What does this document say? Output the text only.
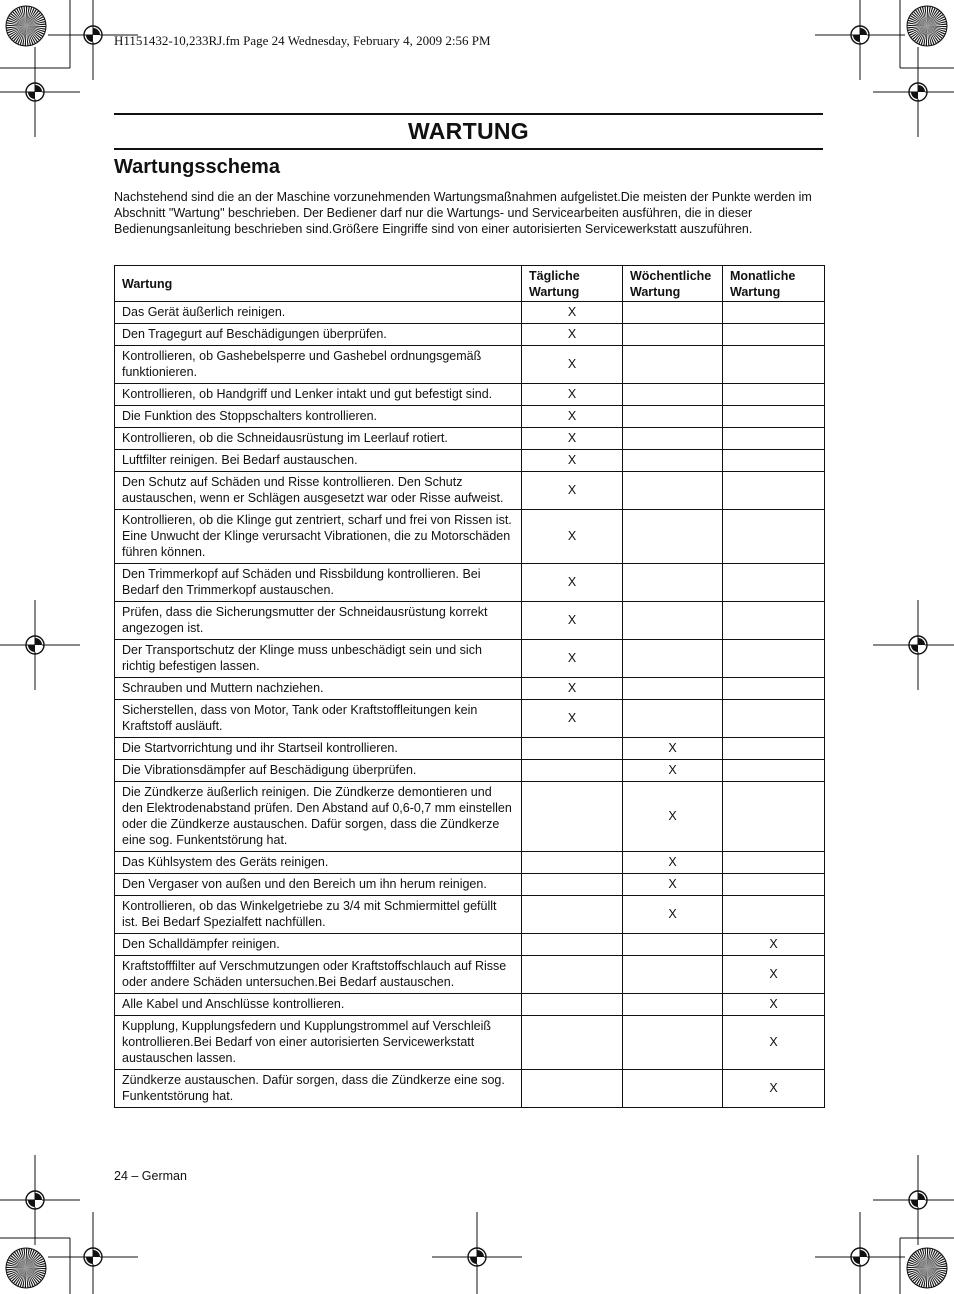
H1151432-10,233RJ.fm Page 24 Wednesday, February 4, 2009 2:56 PM
WARTUNG
Wartungsschema
Nachstehend sind die an der Maschine vorzunehmenden Wartungsmaßnahmen aufgelistet.Die meisten der Punkte werden im Abschnitt "Wartung" beschrieben. Der Bediener darf nur die Wartungs- und Servicearbeiten ausführen, die in dieser Bedienungsanleitung beschrieben sind.Größere Eingriffe sind von einer autorisierten Servicewerkstatt auszuführen.
Wartung	Tägliche Wartung	Wöchentliche Wartung	Monatliche Wartung
Das Gerät äußerlich reinigen.	X		
Den Tragegurt auf Beschädigungen überprüfen.	X		
Kontrollieren, ob Gashebelsperre und Gashebel ordnungsgemäß funktionieren.	X		
Kontrollieren, ob Handgriff und Lenker intakt und gut befestigt sind.	X		
Die Funktion des Stoppschalters kontrollieren.	X		
Kontrollieren, ob die Schneidausrüstung im Leerlauf rotiert.	X		
Luftfilter reinigen. Bei Bedarf austauschen.	X		
Den Schutz auf Schäden und Risse kontrollieren. Den Schutz austauschen, wenn er Schlägen ausgesetzt war oder Risse aufweist.	X		
Kontrollieren, ob die Klinge gut zentriert, scharf und frei von Rissen ist. Eine Unwucht der Klinge verursacht Vibrationen, die zu Motorschäden führen können.	X		
Den Trimmerkopf auf Schäden und Rissbildung kontrollieren. Bei Bedarf den Trimmerkopf austauschen.	X		
Prüfen, dass die Sicherungsmutter der Schneidausrüstung korrekt angezogen ist.	X		
Der Transportschutz der Klinge muss unbeschädigt sein und sich richtig befestigen lassen.	X		
Schrauben und Muttern nachziehen.	X		
Sicherstellen, dass von Motor, Tank oder Kraftstoffleitungen kein Kraftstoff ausläuft.	X		
Die Startvorrichtung und ihr Startseil kontrollieren.		X	
Die Vibrationsdämpfer auf Beschädigung überprüfen.		X	
Die Zündkerze äußerlich reinigen. Die Zündkerze demontieren und den Elektrodenabstand prüfen. Den Abstand auf 0,6-0,7 mm einstellen oder die Zündkerze austauschen. Dafür sorgen, dass die Zündkerze eine sog. Funkentstörung hat.		X	
Das Kühlsystem des Geräts reinigen.		X	
Den Vergaser von außen und den Bereich um ihn herum reinigen.		X	
Kontrollieren, ob das Winkelgetriebe zu 3/4 mit Schmiermittel gefüllt ist. Bei Bedarf Spezialfett nachfüllen.		X	
Den Schalldämpfer reinigen.			X
Kraftstofffilter auf Verschmutzungen oder Kraftstoffschlauch auf Risse oder andere Schäden untersuchen.Bei Bedarf austauschen.			X
Alle Kabel und Anschlüsse kontrollieren.			X
Kupplung, Kupplungsfedern und Kupplungstrommel auf Verschleiß kontrollieren.Bei Bedarf von einer autorisierten Servicewerkstatt austauschen lassen.			X
Zündkerze austauschen. Dafür sorgen, dass die Zündkerze eine sog. Funkentstörung hat.			X
24 – German
